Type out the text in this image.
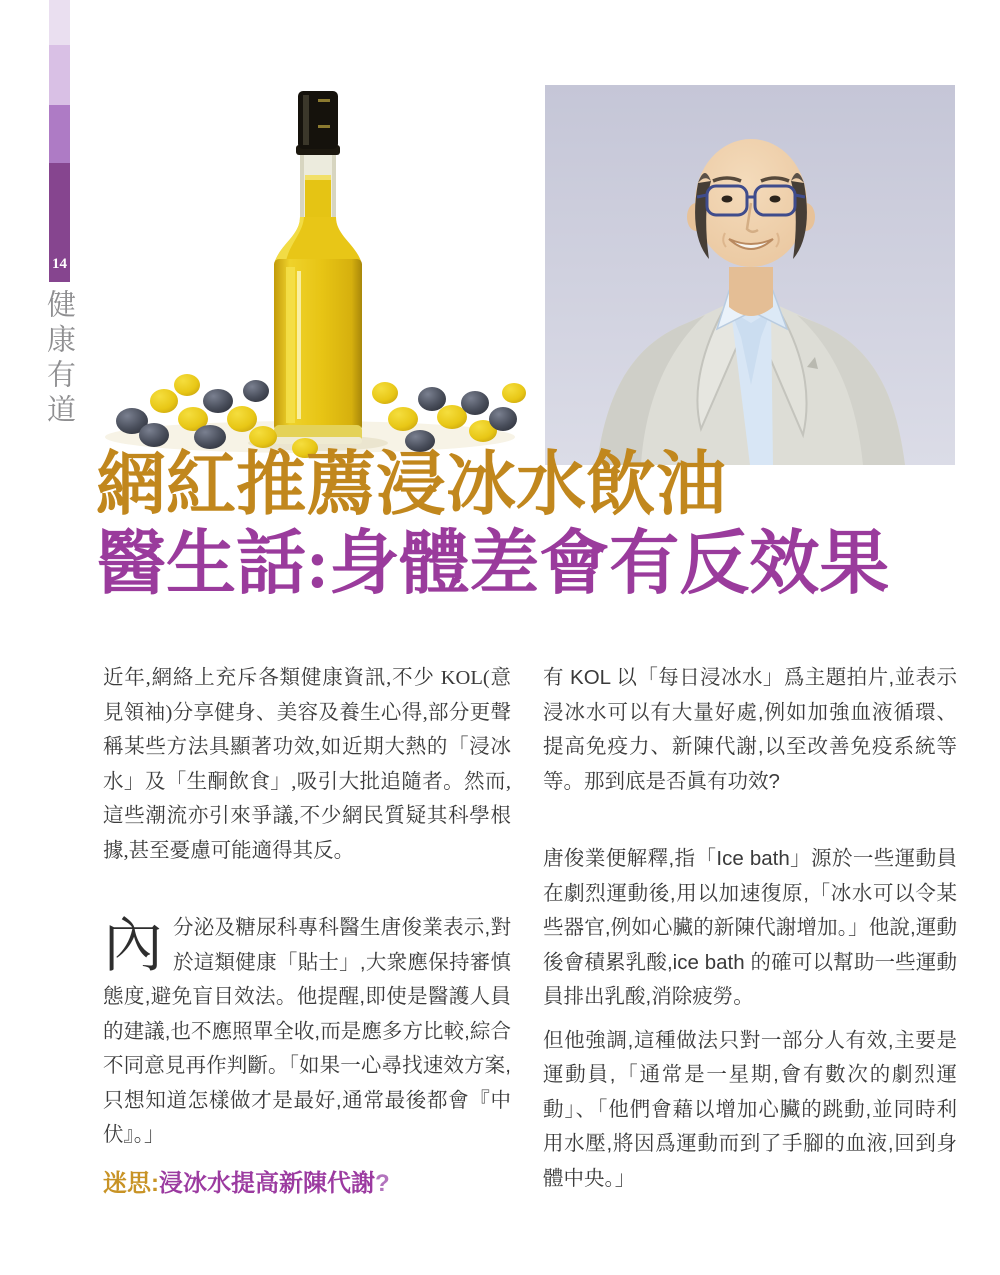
14
健康有道
網紅推薦浸冰水飲油
醫生話:身體差會有反效果

近年,網絡上充斥各類健康資訊,不少 KOL(意見領袖)分享健身、美容及養生心得,部分更聲稱某些方法具顯著功效,如近期大熱的「浸冰水」及「生酮飲食」,吸引大批追隨者。然而,這些潮流亦引來爭議,不少網民質疑其科學根據,甚至憂慮可能適得其反。

內分泌及糖尿科專科醫生唐俊業表示,對於這類健康「貼士」,大衆應保持審慎態度,避免盲目效法。他提醒,即使是醫護人員的建議,也不應照單全收,而是應多方比較,綜合不同意見再作判斷。「如果一心尋找速效方案,只想知道怎樣做才是最好,通常最後都會『中伏』。」

有 KOL 以「每日浸冰水」爲主題拍片,並表示浸冰水可以有大量好處,例如加強血液循環、提高免疫力、新陳代謝,以至改善免疫系統等等。那到底是否眞有功效?

唐俊業便解釋,指「Ice bath」源於一些運動員在劇烈運動後,用以加速復原,「冰水可以令某些器官,例如心臟的新陳代謝增加。」他說,運動後會積累乳酸,ice bath 的確可以幫助一些運動員排出乳酸,消除疲勞。

但他強調,這種做法只對一部分人有效,主要是運動員,「通常是一星期,會有數次的劇烈運動」、「他們會藉以增加心臟的跳動,並同時利用水壓,將因爲運動而到了手腳的血液,回到身體中央。」

迷思:浸冰水提高新陳代謝?
